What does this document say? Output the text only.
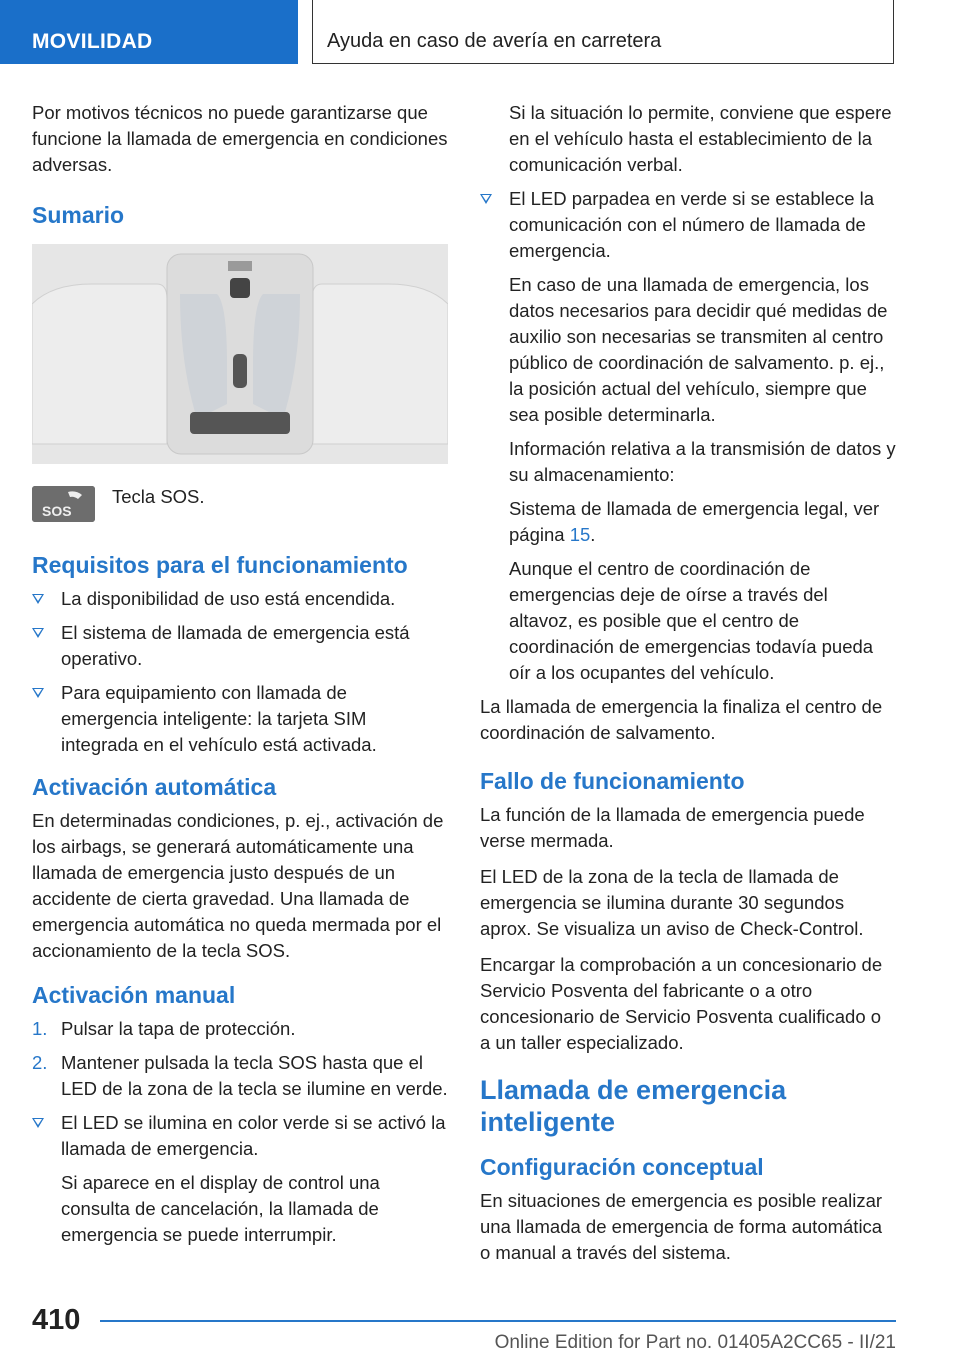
MOVILIDAD	Ayuda en caso de avería en carretera

Por motivos técnicos no puede garantizarse que funcione la llamada de emergencia en condiciones adversas.

Sumario
SOS
Tecla SOS.
Requisitos para el funcionamiento
La disponibilidad de uso está encendida.
El sistema de llamada de emergencia está operativo.
Para equipamiento con llamada de emergencia inteligente: la tarjeta SIM integrada en el vehículo está activada.
Activación automática

En determinadas condiciones, p. ej., activación de los airbags, se generará automáticamente una llamada de emergencia justo después de un accidente de cierta gravedad. Una llamada de emergencia automática no queda mermada por el accionamiento de la tecla SOS.

Activación manual
1. Pulsar la tapa de protección.
2. Mantener pulsada la tecla SOS hasta que el LED de la zona de la tecla se ilumine en verde.
El LED se ilumina en color verde si se activó la llamada de emergencia.
Si aparece en el display de control una consulta de cancelación, la llamada de emergencia se puede interrumpir.
Si la situación lo permite, conviene que espere en el vehículo hasta el establecimiento de la comunicación verbal.
El LED parpadea en verde si se establece la comunicación con el número de llamada de emergencia.
En caso de una llamada de emergencia, los datos necesarios para decidir qué medidas de auxilio son necesarias se transmiten al centro público de coordinación de salvamento. p. ej., la posición actual del vehículo, siempre que sea posible determinarla.
Información relativa a la transmisión de datos y su almacenamiento:
Sistema de llamada de emergencia legal, ver página 15.
Aunque el centro de coordinación de emergencias deje de oírse a través del altavoz, es posible que el centro de coordinación de emergencias todavía pueda oír a los ocupantes del vehículo.

La llamada de emergencia la finaliza el centro de coordinación de salvamento.

Fallo de funcionamiento

La función de la llamada de emergencia puede verse mermada.

El LED de la zona de la tecla de llamada de emergencia se ilumina durante 30 segundos aprox. Se visualiza un aviso de Check-Control.

Encargar la comprobación a un concesionario de Servicio Posventa del fabricante o a otro concesionario de Servicio Posventa cualificado o a un taller especializado.

Llamada de emergencia inteligente
Configuración conceptual

En situaciones de emergencia es posible realizar una llamada de emergencia de forma automática o manual a través del sistema.

410
Online Edition for Part no. 01405A2CC65 - II/21
